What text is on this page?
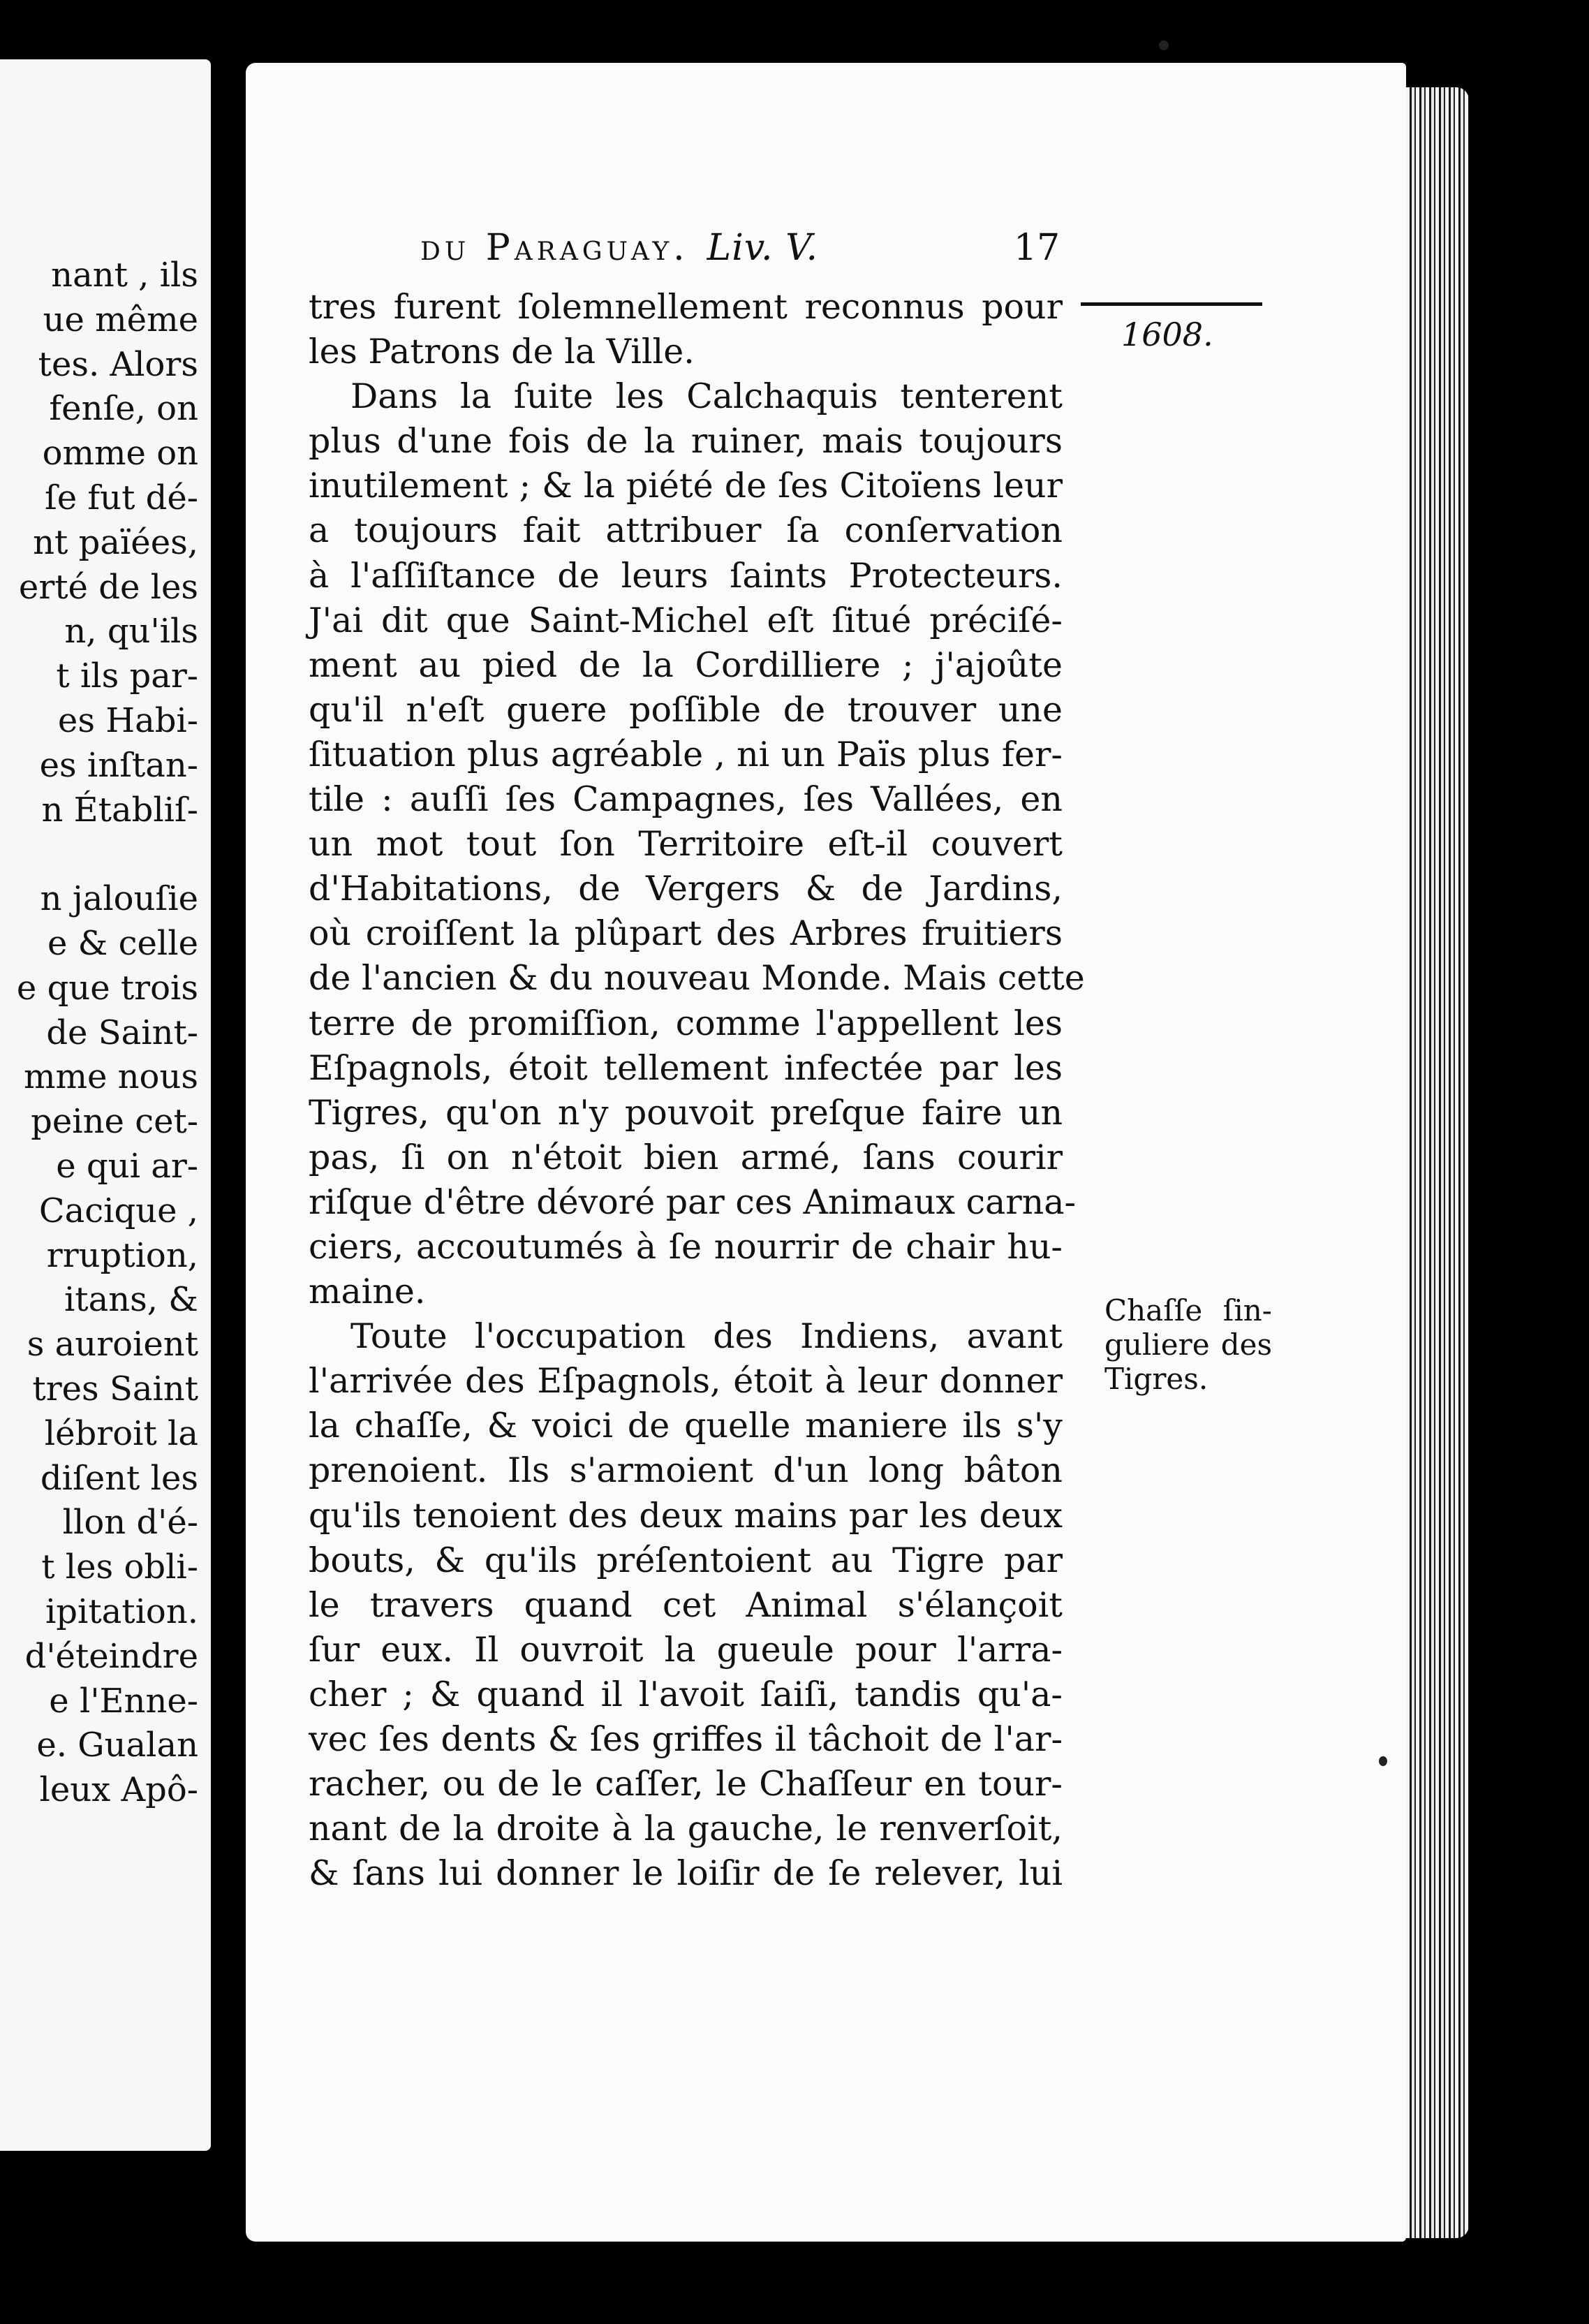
nant , ils
ue même
tes. Alors
fenſe, on
omme on
ſe fut dé-
nt païées,
erté de les
n, qu'ils
t ils par-
es Habi-
es inſtan-
n Établiſ-
n jalouſie
e & celle
e que trois
de Saint-
mme nous
peine cet-
e qui ar-
Cacique ,
rruption,
itans, &
s auroient
tres Saint
lébroit la
diſent les
llon d'é-
t les obli-
ipitation.
d'éteindre
e l'Enne-
e. Gualan
leux Apô-
du Paraguay. Liv. V.	17
1608.
tres furent ſolemnellement reconnus pour
les Patrons de la Ville.
Dans la ſuite les Calchaquis tenterent
plus d'une fois de la ruiner, mais toujours
inutilement ; & la piété de ſes Citoïens leur
a toujours fait attribuer ſa conſervation
à l'aſſiſtance de leurs ſaints Protecteurs.
J'ai dit que Saint-Michel eſt ſitué préciſé-
ment au pied de la Cordilliere ; j'ajoûte
qu'il n'eſt guere poſſible de trouver une
ſituation plus agréable , ni un Païs plus fer-
tile : auſſi ſes Campagnes, ſes Vallées, en
un mot tout ſon Territoire eſt-il couvert
d'Habitations, de Vergers & de Jardins,
où croiſſent la plûpart des Arbres fruitiers
de l'ancien & du nouveau Monde. Mais cette
terre de promiſſion, comme l'appellent les
Eſpagnols, étoit tellement infectée par les
Tigres, qu'on n'y pouvoit preſque faire un
pas, ſi on n'étoit bien armé, ſans courir
riſque d'être dévoré par ces Animaux carna-
ciers, accoutumés à ſe nourrir de chair hu-
maine.
Toute l'occupation des Indiens, avant
l'arrivée des Eſpagnols, étoit à leur donner
la chaſſe, & voici de quelle maniere ils s'y
prenoient. Ils s'armoient d'un long bâton
qu'ils tenoient des deux mains par les deux
bouts, & qu'ils préſentoient au Tigre par
le travers quand cet Animal s'élançoit
ſur eux. Il ouvroit la gueule pour l'arra-
cher ; & quand il l'avoit ſaiſi, tandis qu'a-
vec ſes dents & ſes griffes il tâchoit de l'ar-
racher, ou de le caſſer, le Chaſſeur en tour-
nant de la droite à la gauche, le renverſoit,
& ſans lui donner le loiſir de ſe relever, lui
Chaſſe ſin-
guliere des
Tigres.
